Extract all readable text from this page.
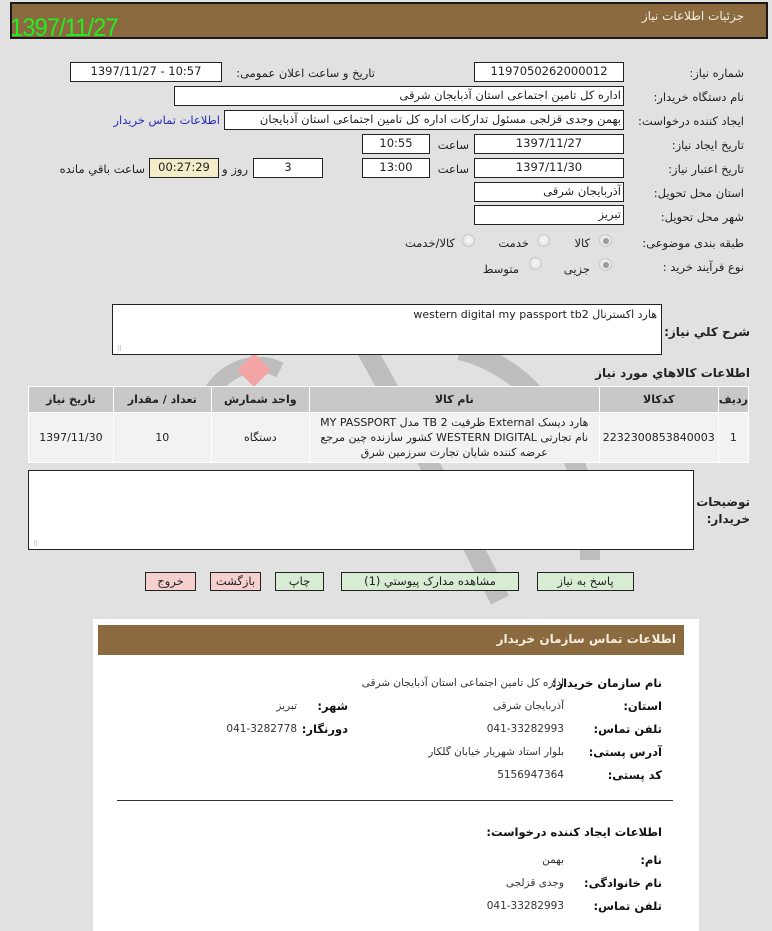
جزئیات اطلاعات نیاز
1397/11/27
شماره نیاز:
1197050262000012
تاریخ و ساعت اعلان عمومی:
1397/11/27 - 10:57
نام دستگاه خریدار:
اداره کل تامین اجتماعی استان آذبایجان شرقی
ایجاد کننده درخواست:
بهمن وجدی قزلجی مسئول تدارکات اداره کل تامین اجتماعی استان آذبایجان
اطلاعات تماس خریدار
تاریخ ایجاد نیاز:
1397/11/27
ساعت
10:55
تاریخ اعتبار نیاز:
1397/11/30
ساعت
13:00
3
روز و
00:27:29
ساعت باقي مانده
استان محل تحویل:
آذربایجان شرقی
شهر محل تحویل:
تبریز
طبقه بندی موضوعی:
کالا
خدمت
کالا/خدمت
نوع فرآیند خرید :
جزیی
متوسط
شرح کلي نیاز:
هارد اکسترنال western digital my passport tb2
⠿
اطلاعات کالاهاي مورد نیاز
ردیف	کدکالا	نام کالا	واحد شمارش	تعداد / مقدار	تاریخ نیاز
1	2232300853840003	هارد دیسک External ظرفیت 2 TB مدل MY PASSPORT نام تجارتی WESTERN DIGITAL کشور سازنده چین مرجع عرضه کننده شایان تجارت سرزمین شرق	دستگاه	10	1397/11/30
توضیحات
خریدار:
⠿
پاسخ به نیاز
مشاهده مدارک پیوستي (1)
چاپ
بازگشت
خروج
اطلاعات تماس سازمان خریدار
نام سازمان خریدار:
اداره کل تامین اجتماعی استان آذبایجان شرقی
استان:
آذربایجان شرقی
شهر:
تبریز
تلفن تماس:
041-33282993
دورنگار:
041-3282778
آدرس پستی:
بلوار استاد شهریار خیابان گلکار
کد پستی:
5156947364
اطلاعات ایجاد کننده درخواست:
نام:
بهمن
نام خانوادگی:
وجدی قزلجی
تلفن تماس:
041-33282993
